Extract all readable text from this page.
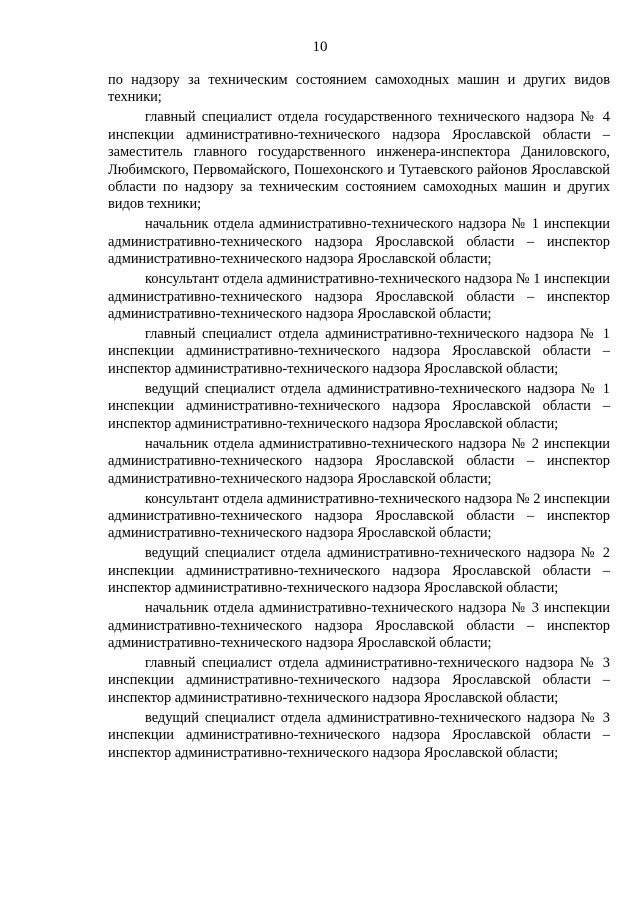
10

по надзору за техническим состоянием самоходных машин и других видов техники;

главный специалист отдела государственного технического надзора № 4 инспекции административно-технического надзора Ярославской области – заместитель главного государственного инженера-инспектора Даниловского, Любимского, Первомайского, Пошехонского и Тутаевского районов Ярославской области по надзору за техническим состоянием самоходных машин и других видов техники;

начальник отдела административно-технического надзора № 1 инспекции административно-технического надзора Ярославской области – инспектор административно-технического надзора Ярославской области;

консультант отдела административно-технического надзора № 1 инспекции административно-технического надзора Ярославской области – инспектор административно-технического надзора Ярославской области;

главный специалист отдела административно-технического надзора № 1 инспекции административно-технического надзора Ярославской области – инспектор административно-технического надзора Ярославской области;

ведущий специалист отдела административно-технического надзора № 1 инспекции административно-технического надзора Ярославской области – инспектор административно-технического надзора Ярославской области;

начальник отдела административно-технического надзора № 2 инспекции административно-технического надзора Ярославской области – инспектор административно-технического надзора Ярославской области;

консультант отдела административно-технического надзора № 2 инспекции административно-технического надзора Ярославской области – инспектор административно-технического надзора Ярославской области;

ведущий специалист отдела административно-технического надзора № 2 инспекции административно-технического надзора Ярославской области – инспектор административно-технического надзора Ярославской области;

начальник отдела административно-технического надзора № 3 инспекции административно-технического надзора Ярославской области – инспектор административно-технического надзора Ярославской области;

главный специалист отдела административно-технического надзора № 3 инспекции административно-технического надзора Ярославской области – инспектор административно-технического надзора Ярославской области;

ведущий специалист отдела административно-технического надзора № 3 инспекции административно-технического надзора Ярославской области – инспектор административно-технического надзора Ярославской области;
